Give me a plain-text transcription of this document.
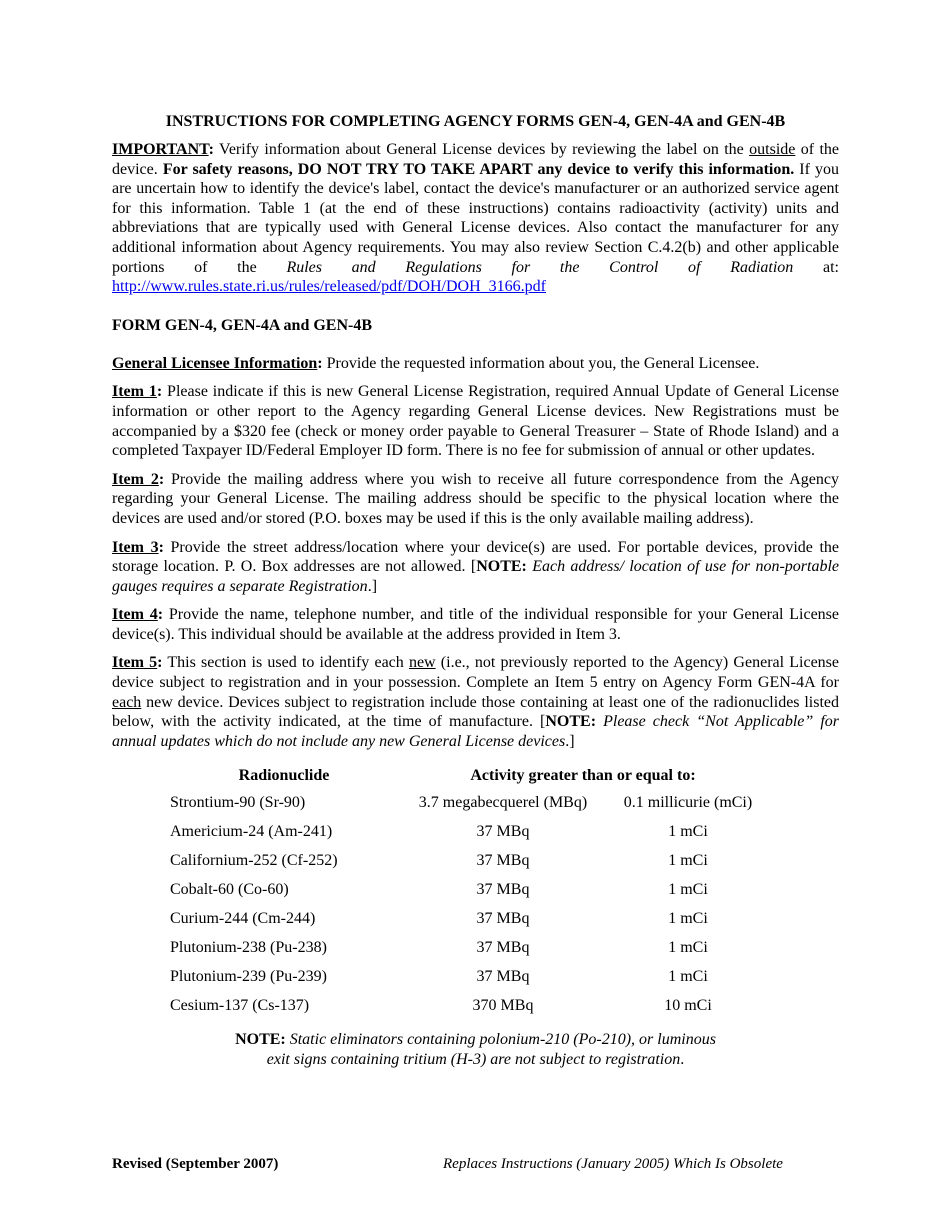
INSTRUCTIONS FOR COMPLETING AGENCY FORMS GEN-4, GEN-4A and GEN-4B

IMPORTANT: Verify information about General License devices by reviewing the label on the outside of the device. For safety reasons, DO NOT TRY TO TAKE APART any device to verify this information. If you are uncertain how to identify the device's label, contact the device's manufacturer or an authorized service agent for this information. Table 1 (at the end of these instructions) contains radioactivity (activity) units and abbreviations that are typically used with General License devices. Also contact the manufacturer for any additional information about Agency requirements. You may also review Section C.4.2(b) and other applicable portions of the Rules and Regulations for the Control of Radiation at: http://www.rules.state.ri.us/rules/released/pdf/DOH/DOH_3166.pdf

FORM GEN-4, GEN-4A and GEN-4B

General Licensee Information: Provide the requested information about you, the General Licensee.

Item 1: Please indicate if this is new General License Registration, required Annual Update of General License information or other report to the Agency regarding General License devices. New Registrations must be accompanied by a $320 fee (check or money order payable to General Treasurer – State of Rhode Island) and a completed Taxpayer ID/Federal Employer ID form. There is no fee for submission of annual or other updates.

Item 2: Provide the mailing address where you wish to receive all future correspondence from the Agency regarding your General License. The mailing address should be specific to the physical location where the devices are used and/or stored (P.O. boxes may be used if this is the only available mailing address).

Item 3: Provide the street address/location where your device(s) are used. For portable devices, provide the storage location. P. O. Box addresses are not allowed. [NOTE: Each address/ location of use for non-portable gauges requires a separate Registration.]

Item 4: Provide the name, telephone number, and title of the individual responsible for your General License device(s). This individual should be available at the address provided in Item 3.

Item 5: This section is used to identify each new (i.e., not previously reported to the Agency) General License device subject to registration and in your possession. Complete an Item 5 entry on Agency Form GEN-4A for each new device. Devices subject to registration include those containing at least one of the radionuclides listed below, with the activity indicated, at the time of manufacture. [NOTE: Please check “Not Applicable” for annual updates which do not include any new General License devices.]

Radionuclide	Activity greater than or equal to:	
Strontium-90 (Sr-90)	3.7 megabecquerel (MBq)	0.1 millicurie (mCi)
Americium-24 (Am-241)	37 MBq	1 mCi
Californium-252 (Cf-252)	37 MBq	1 mCi
Cobalt-60 (Co-60)	37 MBq	1 mCi
Curium-244 (Cm-244)	37 MBq	1 mCi
Plutonium-238 (Pu-238)	37 MBq	1 mCi
Plutonium-239 (Pu-239)	37 MBq	1 mCi
Cesium-137 (Cs-137)	370 MBq	10 mCi
NOTE: Static eliminators containing polonium-210 (Po-210), or luminous
exit signs containing tritium (H-3) are not subject to registration.
Revised (September 2007)	Replaces Instructions (January 2005) Which Is Obsolete
